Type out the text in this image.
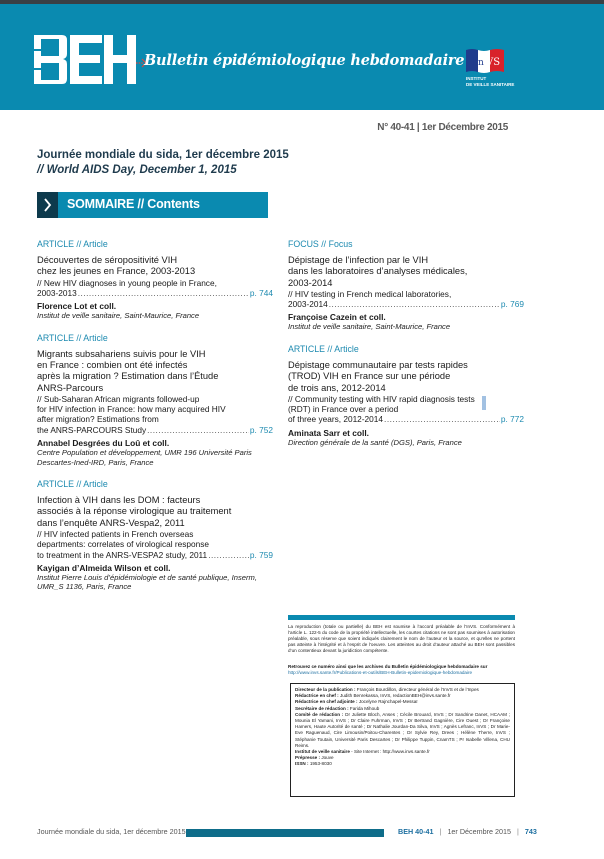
Bulletin épidémiologique hebdomadaire I n VS
INSTITUT
DE VEILLE SANITAIRE
N° 40-41 | 1er Décembre 2015
Journée mondiale du sida, 1er décembre 2015
// World AIDS Day, December 1, 2015
SOMMAIRE // Contents
ARTICLE // Article
Découvertes de séropositivité VIH
chez les jeunes en France, 2003-2013
// New HIV diagnoses in young people in France,
2003-2013 .....	p. 744
Florence Lot et coll.
Institut de veille sanitaire, Saint-Maurice, France
ARTICLE // Article
Migrants subsahariens suivis pour le VIH
en France : combien ont été infectés
après la migration ? Estimation dans l’Étude
ANRS-Parcours
// Sub-Saharan African migrants followed-up
for HIV infection in France: how many acquired HIV
after migration? Estimations from
the ANRS-PARCOURS Study .....	p. 752
Annabel Desgrées du Loû et coll.
Centre Population et développement, UMR 196 Université Paris Descartes-Ined-IRD, Paris, France
ARTICLE // Article
Infection à VIH dans les DOM : facteurs
associés à la réponse virologique au traitement
dans l’enquête ANRS-Vespa2, 2011
// HIV infected patients in French overseas
departments: correlates of virological response
to treatment in the ANRS-VESPA2 study, 2011 .....	p. 759
Kayigan d’Almeida Wilson et coll.
Institut Pierre Louis d’épidémiologie et de santé publique, Inserm, UMR_S 1136, Paris, France
FOCUS // Focus
Dépistage de l’infection par le VIH
dans les laboratoires d’analyses médicales,
2003-2014
// HIV testing in French medical laboratories,
2003-2014 .....	p. 769
Françoise Cazein et coll.
Institut de veille sanitaire, Saint-Maurice, France
ARTICLE // Article
Dépistage communautaire par tests rapides
(TROD) VIH en France sur une période
de trois ans, 2012-2014
// Community testing with HIV rapid diagnosis tests
(RDT) in France over a period
of three years, 2012-2014 .....	p. 772
Aminata Sarr et coll.
Direction générale de la santé (DGS), Paris, France
La reproduction (totale ou partielle) du BEH est soumise à l’accord préalable de l’InVS. Conformément à l’article L. 122-5 du code de la propriété intellectuelle, les courtes citations ne sont pas soumises à autorisation préalable, sous réserve que soient indiqués clairement le nom de l’auteur et la source, et qu’elles ne portent pas atteinte à l’intégrité et à l’esprit de l’oeuvre. Les atteintes au droit d’auteur attaché au BEH sont passibles d’un contentieux devant la juridiction compétente.
Retrouvez ce numéro ainsi que les archives du Bulletin épidémiologique hebdomadaire sur http://www.invs.sante.fr/Publications-et-outils/BEH-Bulletin-epidemiologique-hebdomadaire
Directeur de la publication : François Bourdillon, directeur général de l’InVS et de l’Inpes
Rédactrice en chef : Judith Benrekassa, InVS, redactionBEH@invs.sante.fr
Rédactrice en chef adjointe : Jocelyne Rajnchapel-Messaï
Secrétaire de rédaction : Farida Mihoub
Comité de rédaction : Dr Juliette Bloch, Anses ; Cécile Brouard, InVS ; Dr Sandrine Danet, HCAAM ; Mounia El Yamani, InVS ; Dr Claire Fuhrman, InVS ; Dr Bertrand Gagnière, Cire Ouest ; Dr Françoise Hamers, Haute Autorité de santé ; Dr Nathalie Jourdan-Da Silva, InVS ; Agnès Lefranc, InVS ; Dr Marie-Eve Raguenaud, Cire Limousin/Poitou-Charentes ; Dr Sylvie Rey, Drees ; Hélène Therre, InVS ; Stéphanie Toutain, Université Paris Descartes ; Dr Philippe Tuppin, CnamTS ; Pr Isabelle Villena, CHU Reims.
Institut de veille sanitaire - Site Internet : http://www.invs.sante.fr
Prépresse : Jouve
ISSN : 1953-8030
Journée mondiale du sida, 1er décembre 2015	BEH 40-41 | 1er Décembre 2015 | 743
